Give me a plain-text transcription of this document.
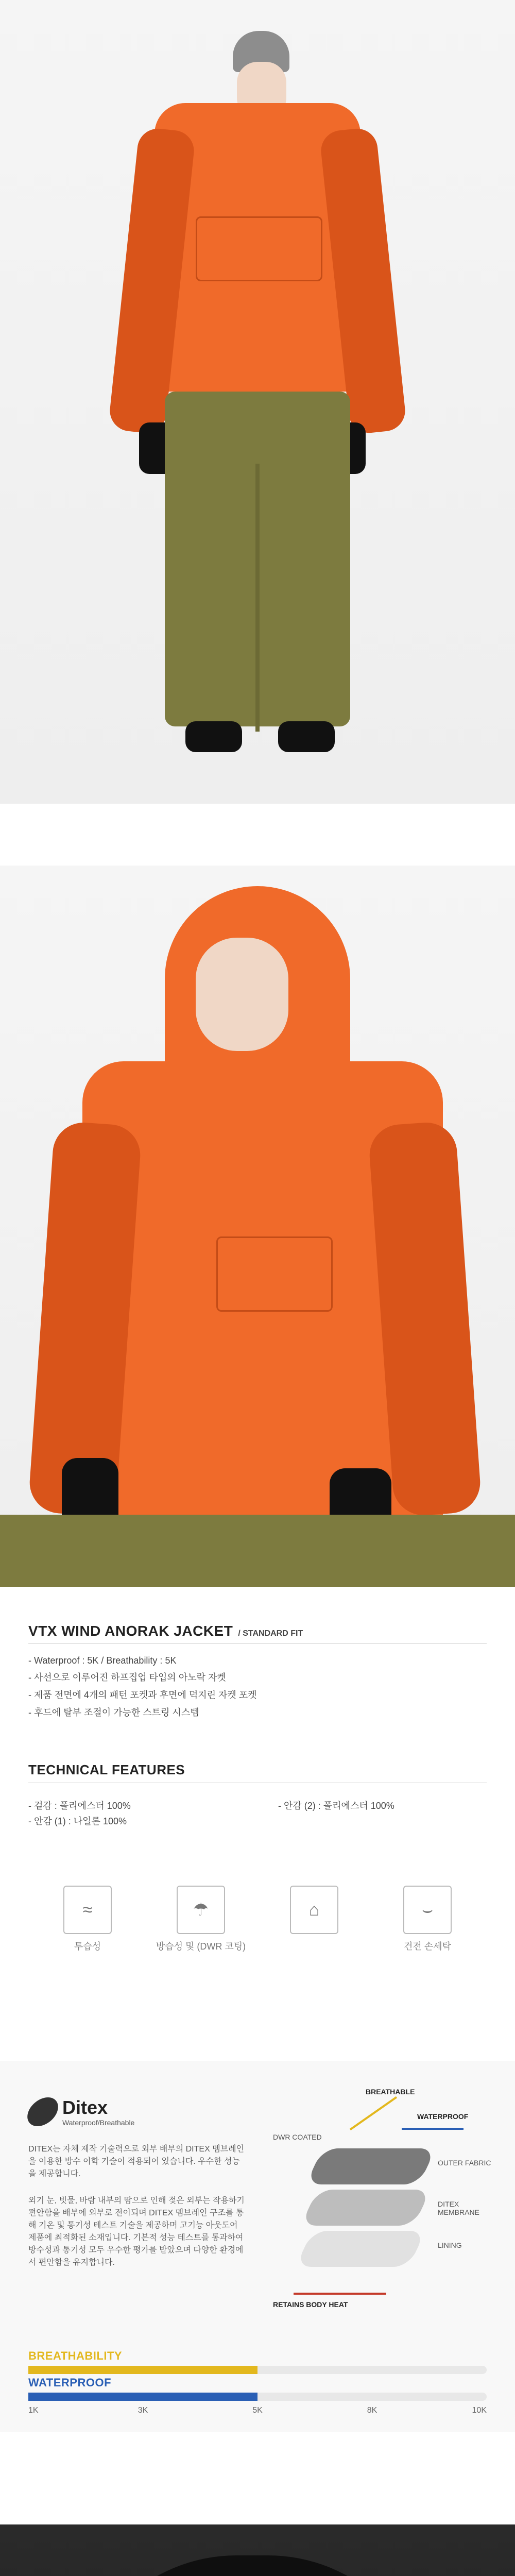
VTX WIND ANORAK JACKET / STANDARD FIT
- Waterproof : 5K / Breathability : 5K
- 사선으로 이루어진 하프집업 타입의 아노락 자켓
- 제품 전면에 4개의 패턴 포켓과 후면에 덕지린 자켓 포켓
- 후드에 탈부 조절이 가능한 스트링 시스템
TECHNICAL FEATURES
- 겉감 : 폴리에스터 100%
- 안감 (1) : 나일론 100%
- 안감 (2) : 폴리에스터 100%
≈
투습성
☂
방습성 및 (DWR 코팅)
⌂	⌣
건전 손세탁
Ditex
Waterproof/Breathable
DITEX는 자체 제작 기술력으로 외부 배부의 DITEX 멤브레인을 이용한 방수 이학 기술이 적용되어 있습니다. 우수한 성능을 제공합니다.
외기 눈, 빗물, 바람 내부의 땀으로 인해 젖은 외부는 작용하기 편안함을 배부에 외부로 전이되며 DITEX 멤브레인 구조를 통해 기온 및 통기성 테스트 기술을 제공하며 고기능 아웃도어 제품에 최적화된 소재입니다. 기본적 성능 테스트를 통과하여 방수성과 통기성 모두 우수한 평가를 받았으며 다양한 환경에서 편안함을 유지합니다.
BREATHABLE
WATERPROOF
DWR COATED
OUTER FABRIC
DITEX MEMBRANE
LINING
RETAINS BODY HEAT
BREATHABILITY
WATERPROOF
1K	3K	5K	8K	10K
